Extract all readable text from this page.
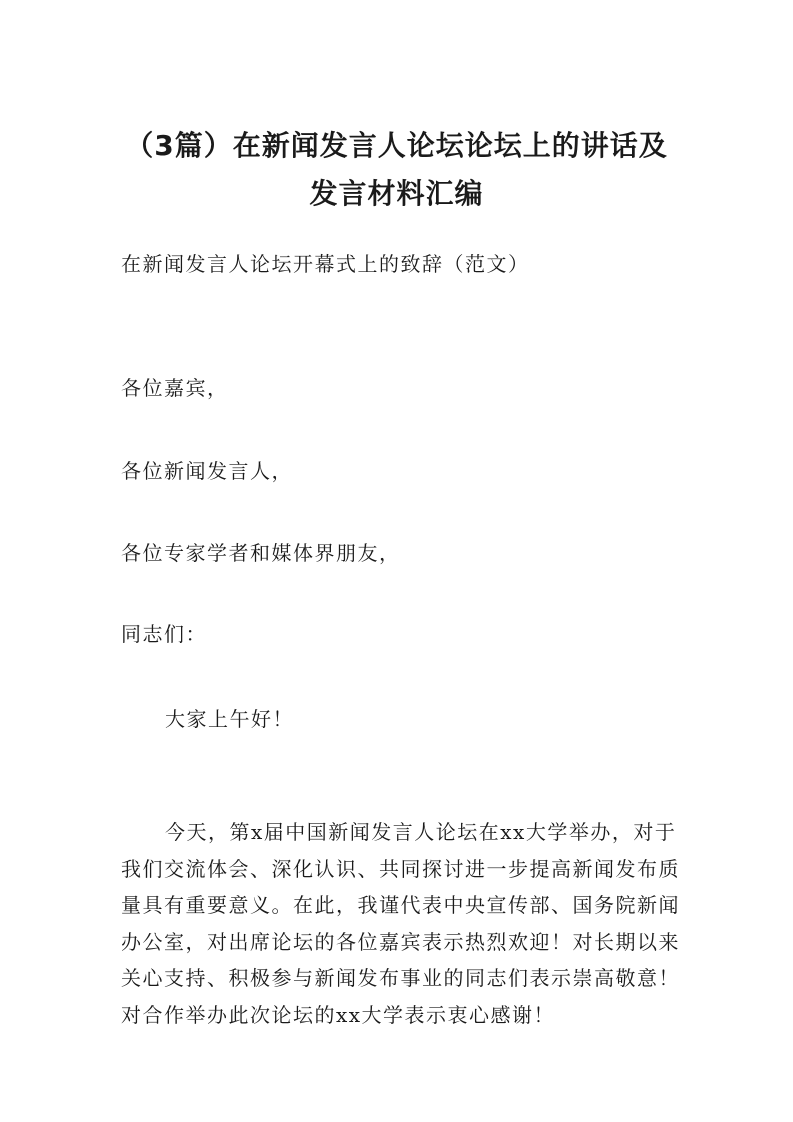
（3篇）在新闻发言人论坛论坛上的讲话及
发言材料汇编

在新闻发言人论坛开幕式上的致辞（范文）

各位嘉宾，

各位新闻发言人，

各位专家学者和媒体界朋友，

同志们：

大家上午好！

今天，第x届中国新闻发言人论坛在xx大学举办，对于
我们交流体会、深化认识、共同探讨进一步提高新闻发布质
量具有重要意义。在此，我谨代表中央宣传部、国务院新闻
办公室，对出席论坛的各位嘉宾表示热烈欢迎！对长期以来
关心支持、积极参与新闻发布事业的同志们表示崇高敬意！
对合作举办此次论坛的xx大学表示衷心感谢！
